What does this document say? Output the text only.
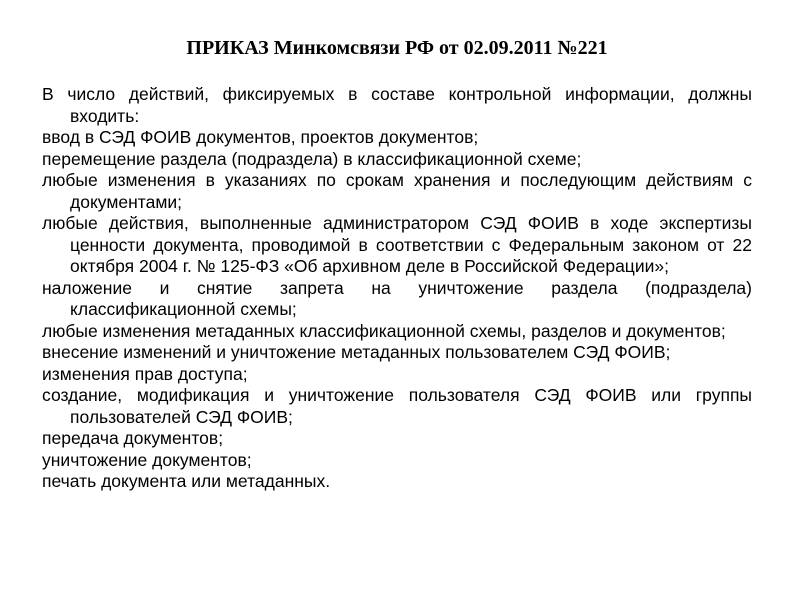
ПРИКАЗ Минкомсвязи РФ от 02.09.2011 №221

В число действий, фиксируемых в составе контрольной информации, должны входить:

ввод в СЭД ФОИВ документов, проектов документов;

перемещение раздела (подраздела) в классификационной схеме;

любые изменения в указаниях по срокам хранения и последующим действиям с документами;

любые действия, выполненные администратором СЭД ФОИВ в ходе экспертизы ценности документа, проводимой в соответствии с Федеральным законом от 22 октября 2004 г. № 125-ФЗ «Об архивном деле в Российской Федерации»;

наложение и снятие запрета на уничтожение раздела (подраздела) классификационной схемы;

любые изменения метаданных классификационной схемы, разделов и документов;

внесение изменений и уничтожение метаданных пользователем СЭД ФОИВ;

изменения прав доступа;

создание, модификация и уничтожение пользователя СЭД ФОИВ или группы пользователей СЭД ФОИВ;

передача документов;

уничтожение документов;

печать документа или метаданных.
